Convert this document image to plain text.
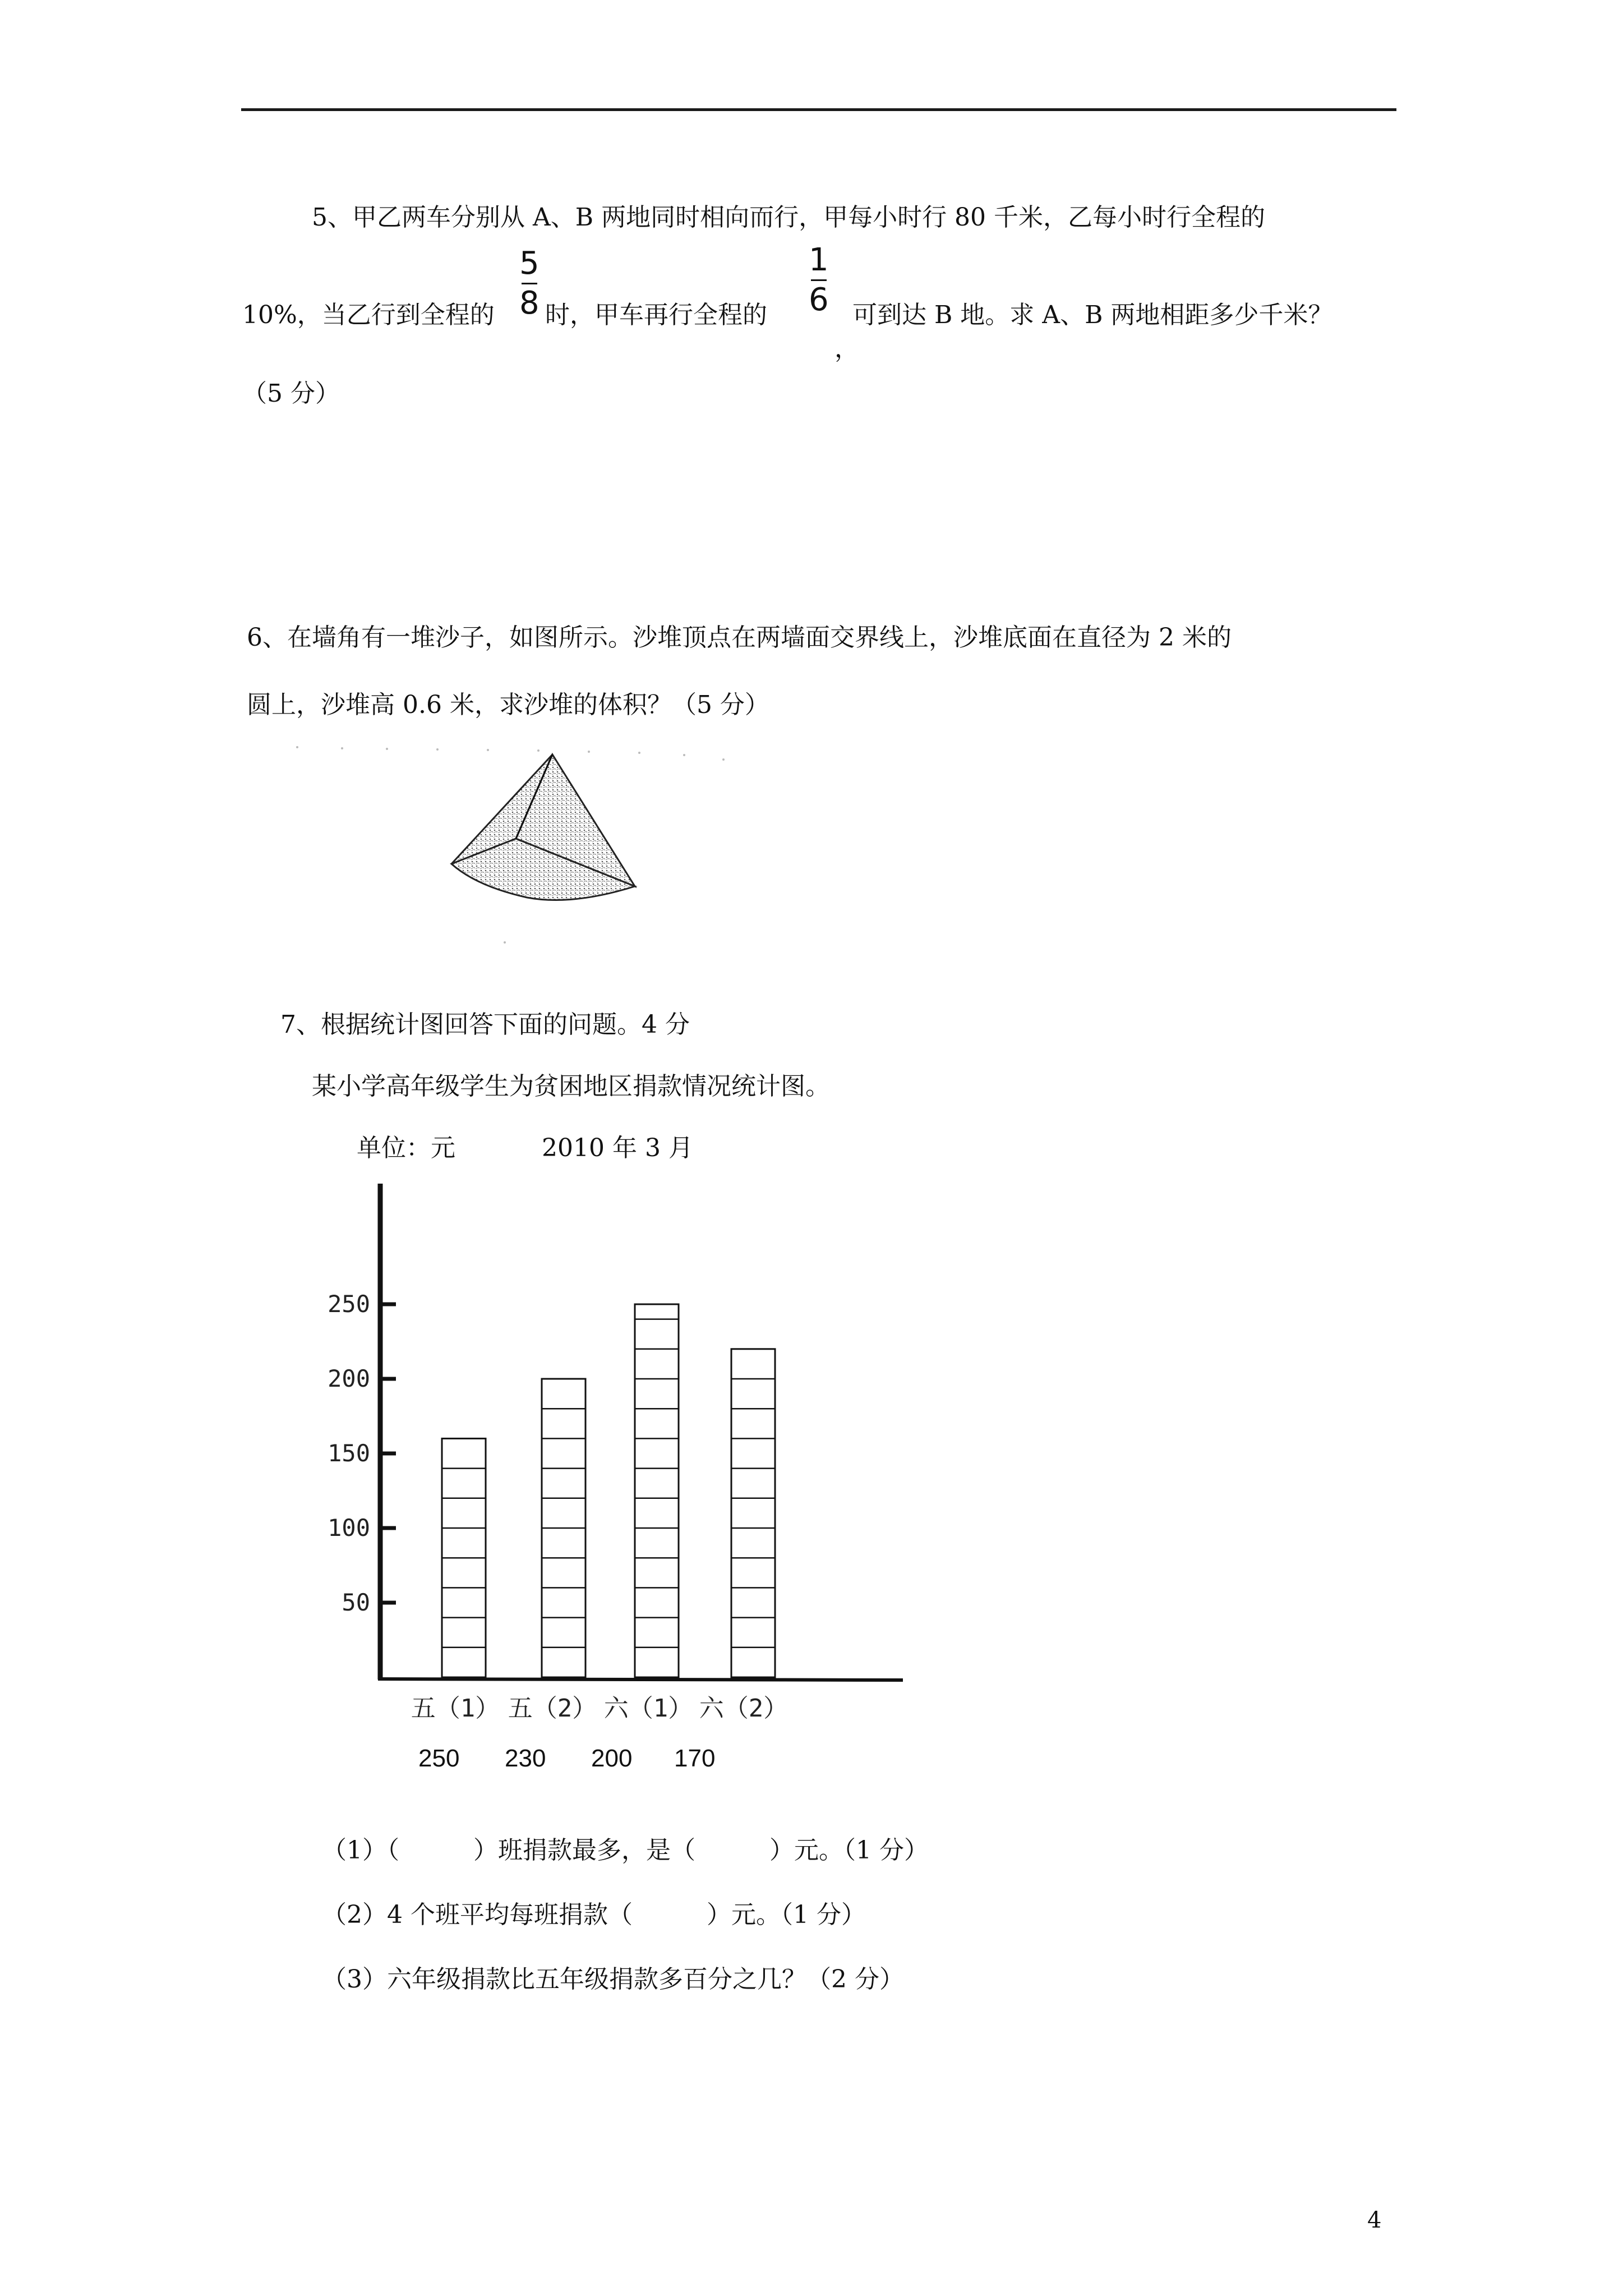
5、甲乙两车分别从 A、B 两地同时相向而行，甲每小时行 80 千米，乙每小时行全程的
10%，当乙行到全程的
5
8 时，甲车再行全程的
1
6
，
可到达 B 地。求 A、B 两地相距多少千米？
（5 分）
6、在墙角有一堆沙子，如图所示。沙堆顶点在两墙面交界线上，沙堆底面在直径为 2 米的
圆上，沙堆高 0.6 米，求沙堆的体积？（5 分）
7、根据统计图回答下面的问题。4 分
某小学高年级学生为贫困地区捐款情况统计图。
单位：元	2010 年 3 月
50
100
150
200
250
五（1） 五（2） 六（1） 六（2）
250 230 200 170
（1）（　　　）班捐款最多，是（　　　）元。（1 分）
（2）4 个班平均每班捐款（　　　）元。（1 分）
（3）六年级捐款比五年级捐款多百分之几？（2 分）
4
